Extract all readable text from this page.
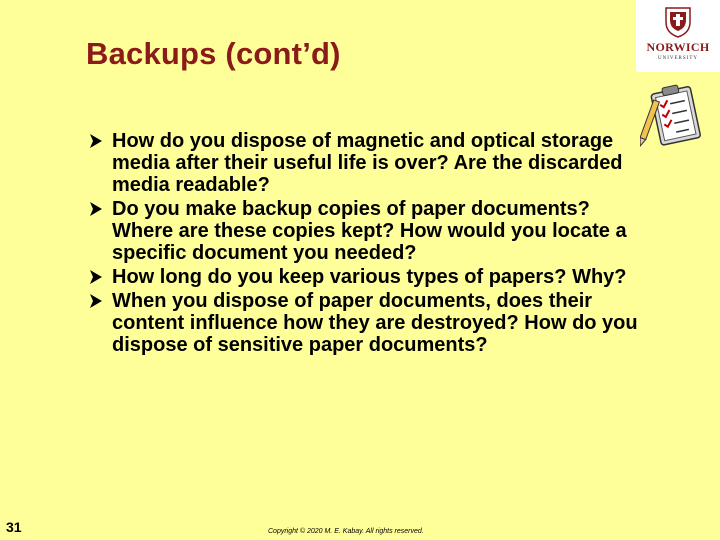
Backups (cont’d)	NORWICH
UNIVERSITY
How do you dispose of magnetic and optical storage media after their useful life is over? Are the discarded media readable?
Do you make backup copies of paper documents? Where are these copies kept? How would you locate a specific document you needed?
How long do you keep various types of papers? Why?
When you dispose of paper documents, does their content influence how they are destroyed? How do you dispose of sensitive paper documents?
31	Copyright © 2020 M. E. Kabay. All rights reserved.
